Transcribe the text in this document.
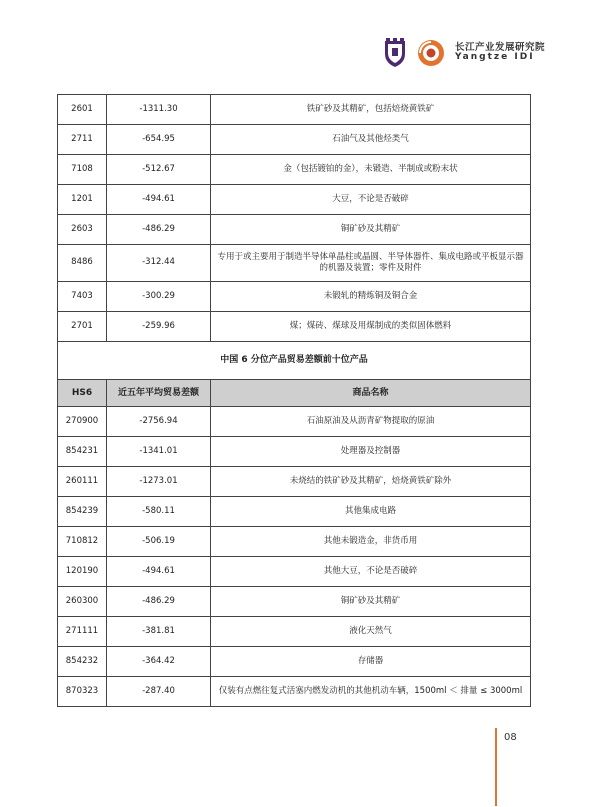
长江产业发展研究院
Yangtze IDI
2601	-1311.30	铁矿砂及其精矿，包括焙烧黄铁矿
2711	-654.95	石油气及其他烃类气
7108	-512.67	金（包括镀铂的金），未锻造、半制成或粉末状
1201	-494.61	大豆，不论是否破碎
2603	-486.29	铜矿砂及其精矿
8486	-312.44	专用于或主要用于制造半导体单晶柱或晶圆、半导体器件、集成电路或平板显示器的机器及装置；零件及附件
7403	-300.29	未锻轧的精炼铜及铜合金
2701	-259.96	煤；煤砖、煤球及用煤制成的类似固体燃料
中国 6 分位产品贸易差额前十位产品		
HS6	近五年平均贸易差额	商品名称
270900	-2756.94	石油原油及从沥青矿物提取的原油
854231	-1341.01	处理器及控制器
260111	-1273.01	未烧结的铁矿砂及其精矿，焙烧黄铁矿除外
854239	-580.11	其他集成电路
710812	-506.19	其他未锻造金，非货币用
120190	-494.61	其他大豆，不论是否破碎
260300	-486.29	铜矿砂及其精矿
271111	-381.81	液化天然气
854232	-364.42	存储器
870323	-287.40	仅装有点燃往复式活塞内燃发动机的其他机动车辆，1500ml ＜ 排量 ≤ 3000ml
08
